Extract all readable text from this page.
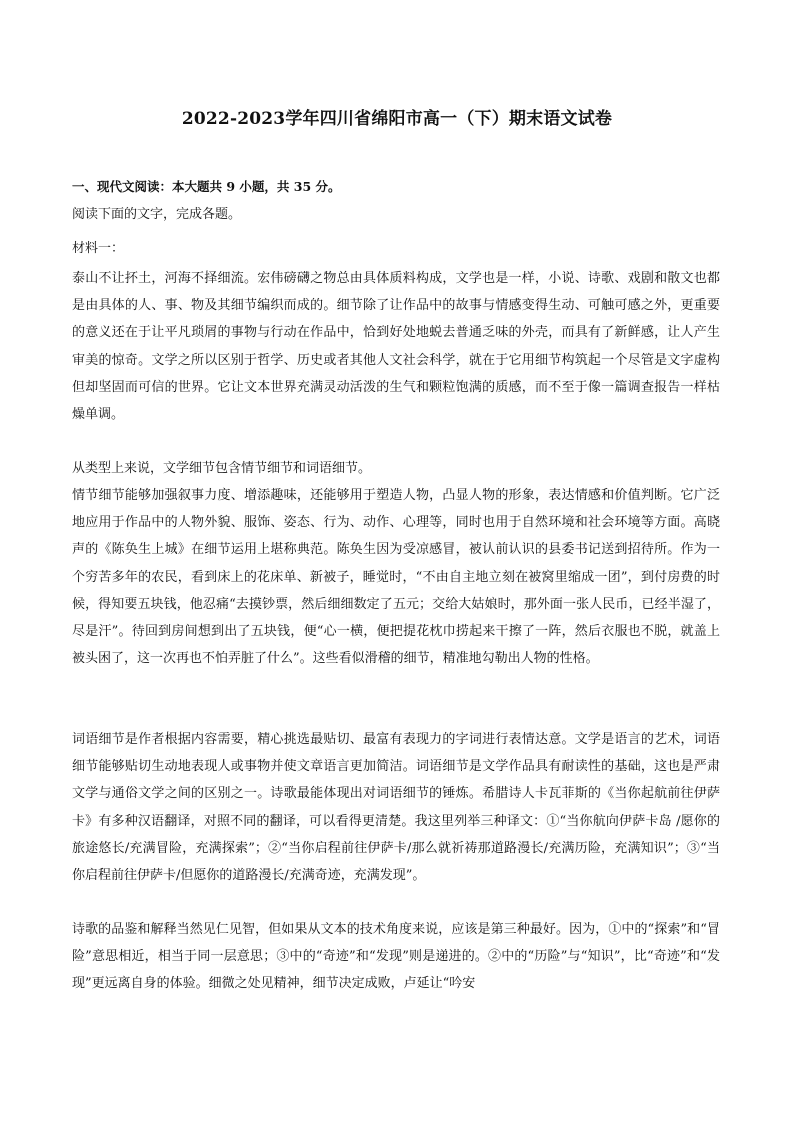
2022-2023学年四川省绵阳市高一（下）期末语文试卷
一、现代文阅读：本大题共 9 小题，共 35 分。
阅读下面的文字，完成各题。
材料一：
泰山不让抔土，河海不择细流。宏伟磅礴之物总由具体质料构成，文学也是一样，小说、诗歌、戏剧和散文也都是由具体的人、事、物及其细节编织而成的。细节除了让作品中的故事与情感变得生动、可触可感之外，更重要的意义还在于让平凡琐屑的事物与行动在作品中，恰到好处地蜕去普通乏味的外壳，而具有了新鲜感，让人产生审美的惊奇。文学之所以区别于哲学、历史或者其他人文社会科学，就在于它用细节构筑起一个尽管是文字虚构但却坚固而可信的世界。它让文本世界充满灵动活泼的生气和颗粒饱满的质感，而不至于像一篇调查报告一样枯燥单调。
从类型上来说，文学细节包含情节细节和词语细节。
情节细节能够加强叙事力度、增添趣味，还能够用于塑造人物，凸显人物的形象，表达情感和价值判断。它广泛地应用于作品中的人物外貌、服饰、姿态、行为、动作、心理等，同时也用于自然环境和社会环境等方面。高晓声的《陈奂生上城》在细节运用上堪称典范。陈奂生因为受凉感冒，被认前认识的县委书记送到招待所。作为一个穷苦多年的农民，看到床上的花床单、新被子，睡觉时，“不由自主地立刻在被窝里缩成一团”，到付房费的时候，得知要五块钱，他忍痛“去摸钞票，然后细细数定了五元；交给大姑娘时，那外面一张人民币，已经半湿了，尽是汗”。待回到房间想到出了五块钱，便“心一横，便把提花枕巾捞起来干擦了一阵，然后衣服也不脱，就盖上被头困了，这一次再也不怕弄脏了什么”。这些看似滑稽的细节，精准地勾勒出人物的性格。
词语细节是作者根据内容需要，精心挑选最贴切、最富有表现力的字词进行表情达意。文学是语言的艺术，词语细节能够贴切生动地表现人或事物并使文章语言更加简洁。词语细节是文学作品具有耐读性的基础，这也是严肃文学与通俗文学之间的区别之一。诗歌最能体现出对词语细节的锤炼。希腊诗人卡瓦菲斯的《当你起航前往伊萨卡》有多种汉语翻译，对照不同的翻译，可以看得更清楚。我这里列举三种译文：①“当你航向伊萨卡岛 /愿你的旅途悠长/充满冒险，充满探索”；②“当你启程前往伊萨卡/那么就祈祷那道路漫长/充满历险，充满知识”；③“当你启程前往伊萨卡/但愿你的道路漫长/充满奇迹，充满发现”。
诗歌的品鉴和解释当然见仁见智，但如果从文本的技术角度来说，应该是第三种最好。因为，①中的“探索”和“冒险”意思相近，相当于同一层意思；③中的“奇迹”和“发现”则是递进的。②中的“历险”与“知识”，比“奇迹”和“发现”更远离自身的体验。细微之处见精神，细节决定成败，卢延让“吟安
